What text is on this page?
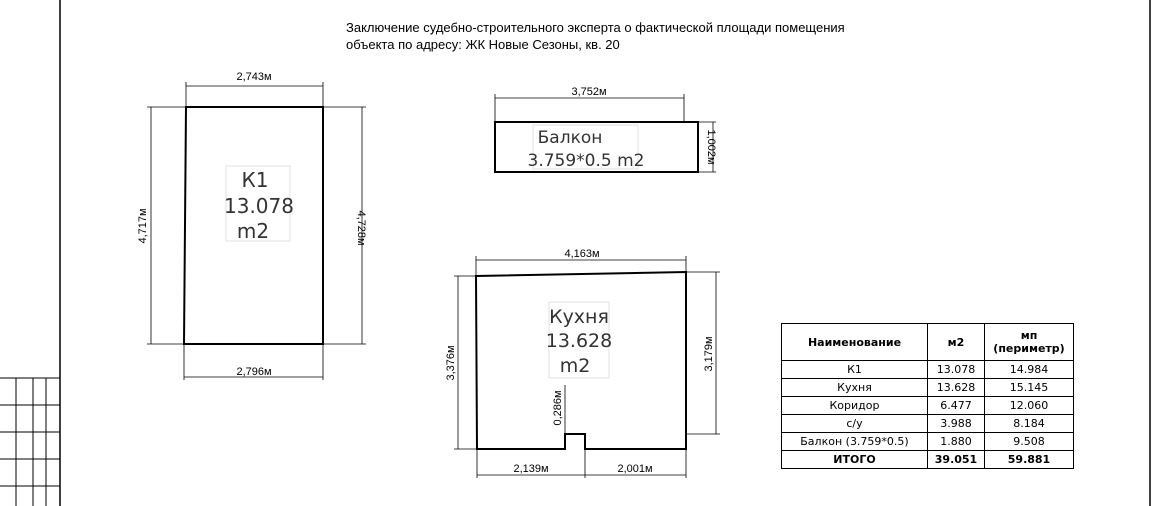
Заключение судебно-строительного эксперта о фактической площади помещения
объекта по адресу: ЖК Новые Сезоны, кв. 20
2,743м
2,796м
4,717м	4,728м
К1
13.078
m2
3,752м
1,002м
Балкон
3.759*0.5 m2
4,163м
3,376м	3,179м
0,286м
2,139м	2,001м
Кухня
13.628
m2
Наименование	м2	мп (периметр)
К1	13.078	14.984
Кухня	13.628	15.145
Коридор	6.477	12.060
с/у	3.988	8.184
Балкон (3.759*0.5)	1.880	9.508
ИТОГО	39.051	59.881
